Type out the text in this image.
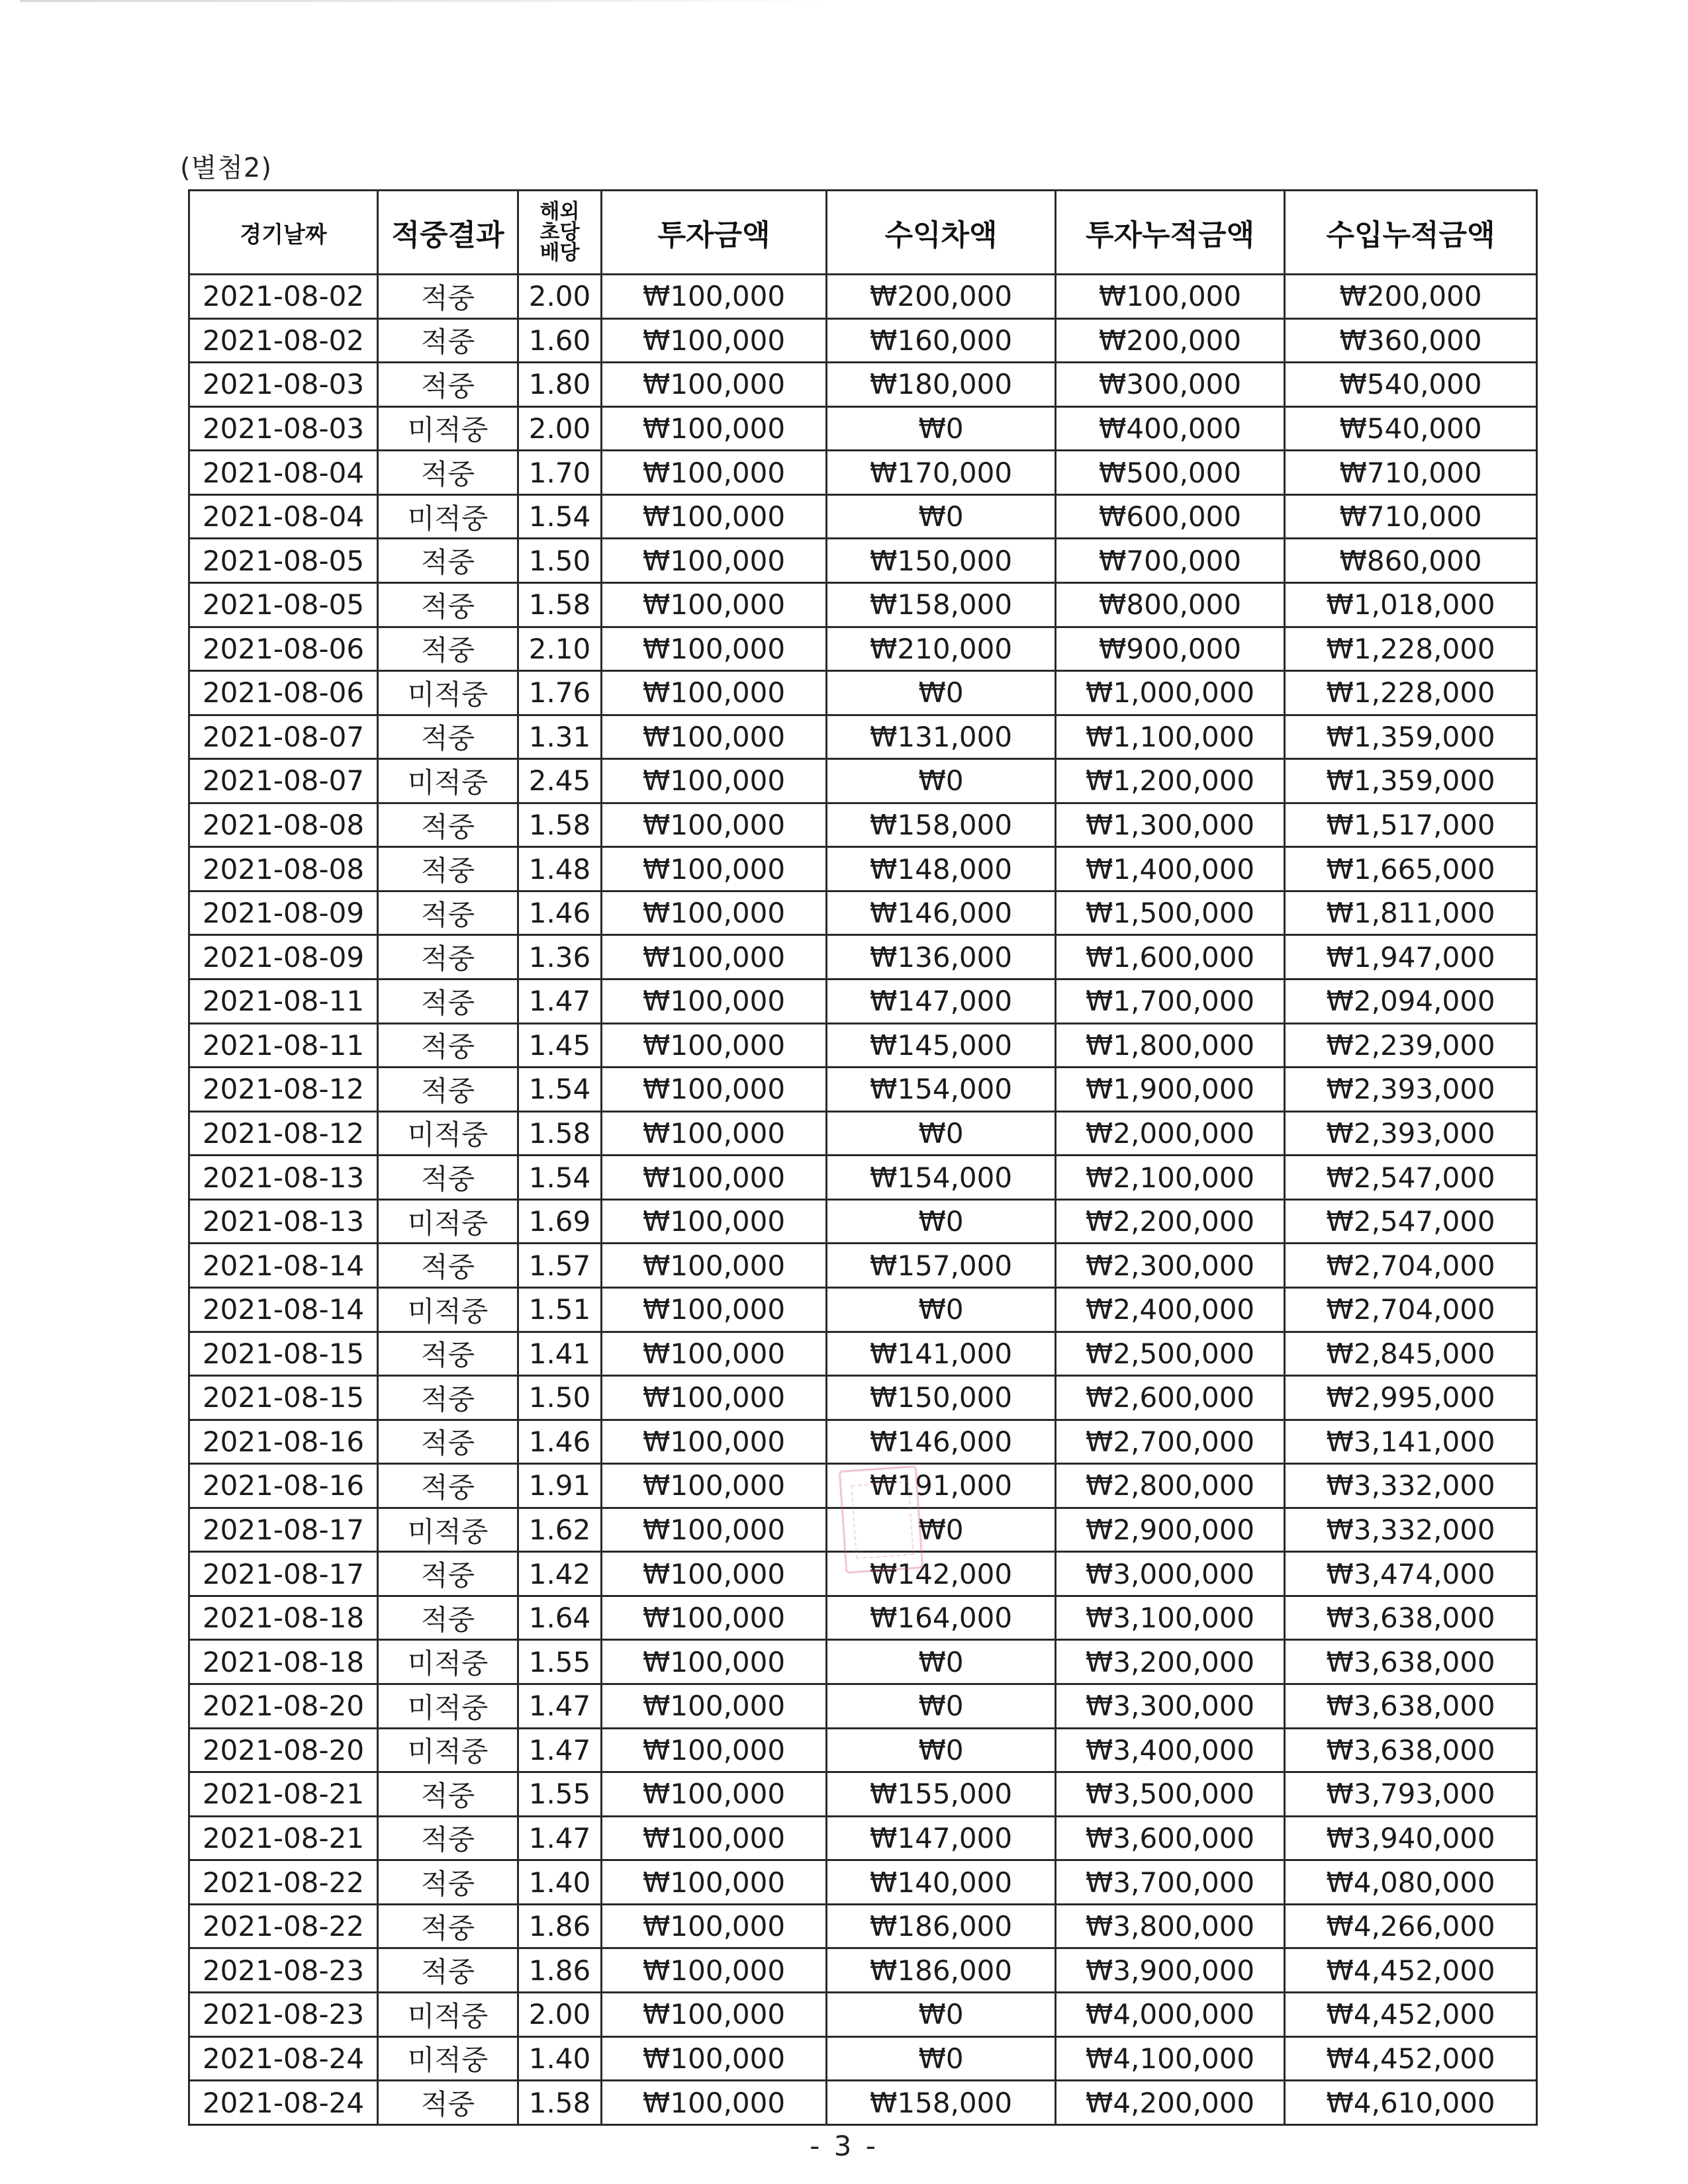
(별첨2)
경기날짜	적중결과	해외
초당
배당	투자금액	수익차액	투자누적금액	수입누적금액
2021-08-02	적중	2.00	₩100,000	₩200,000	₩100,000	₩200,000
2021-08-02	적중	1.60	₩100,000	₩160,000	₩200,000	₩360,000
2021-08-03	적중	1.80	₩100,000	₩180,000	₩300,000	₩540,000
2021-08-03	미적중	2.00	₩100,000	₩0	₩400,000	₩540,000
2021-08-04	적중	1.70	₩100,000	₩170,000	₩500,000	₩710,000
2021-08-04	미적중	1.54	₩100,000	₩0	₩600,000	₩710,000
2021-08-05	적중	1.50	₩100,000	₩150,000	₩700,000	₩860,000
2021-08-05	적중	1.58	₩100,000	₩158,000	₩800,000	₩1,018,000
2021-08-06	적중	2.10	₩100,000	₩210,000	₩900,000	₩1,228,000
2021-08-06	미적중	1.76	₩100,000	₩0	₩1,000,000	₩1,228,000
2021-08-07	적중	1.31	₩100,000	₩131,000	₩1,100,000	₩1,359,000
2021-08-07	미적중	2.45	₩100,000	₩0	₩1,200,000	₩1,359,000
2021-08-08	적중	1.58	₩100,000	₩158,000	₩1,300,000	₩1,517,000
2021-08-08	적중	1.48	₩100,000	₩148,000	₩1,400,000	₩1,665,000
2021-08-09	적중	1.46	₩100,000	₩146,000	₩1,500,000	₩1,811,000
2021-08-09	적중	1.36	₩100,000	₩136,000	₩1,600,000	₩1,947,000
2021-08-11	적중	1.47	₩100,000	₩147,000	₩1,700,000	₩2,094,000
2021-08-11	적중	1.45	₩100,000	₩145,000	₩1,800,000	₩2,239,000
2021-08-12	적중	1.54	₩100,000	₩154,000	₩1,900,000	₩2,393,000
2021-08-12	미적중	1.58	₩100,000	₩0	₩2,000,000	₩2,393,000
2021-08-13	적중	1.54	₩100,000	₩154,000	₩2,100,000	₩2,547,000
2021-08-13	미적중	1.69	₩100,000	₩0	₩2,200,000	₩2,547,000
2021-08-14	적중	1.57	₩100,000	₩157,000	₩2,300,000	₩2,704,000
2021-08-14	미적중	1.51	₩100,000	₩0	₩2,400,000	₩2,704,000
2021-08-15	적중	1.41	₩100,000	₩141,000	₩2,500,000	₩2,845,000
2021-08-15	적중	1.50	₩100,000	₩150,000	₩2,600,000	₩2,995,000
2021-08-16	적중	1.46	₩100,000	₩146,000	₩2,700,000	₩3,141,000
2021-08-16	적중	1.91	₩100,000	₩191,000	₩2,800,000	₩3,332,000
2021-08-17	미적중	1.62	₩100,000	₩0	₩2,900,000	₩3,332,000
2021-08-17	적중	1.42	₩100,000	₩142,000	₩3,000,000	₩3,474,000
2021-08-18	적중	1.64	₩100,000	₩164,000	₩3,100,000	₩3,638,000
2021-08-18	미적중	1.55	₩100,000	₩0	₩3,200,000	₩3,638,000
2021-08-20	미적중	1.47	₩100,000	₩0	₩3,300,000	₩3,638,000
2021-08-20	미적중	1.47	₩100,000	₩0	₩3,400,000	₩3,638,000
2021-08-21	적중	1.55	₩100,000	₩155,000	₩3,500,000	₩3,793,000
2021-08-21	적중	1.47	₩100,000	₩147,000	₩3,600,000	₩3,940,000
2021-08-22	적중	1.40	₩100,000	₩140,000	₩3,700,000	₩4,080,000
2021-08-22	적중	1.86	₩100,000	₩186,000	₩3,800,000	₩4,266,000
2021-08-23	적중	1.86	₩100,000	₩186,000	₩3,900,000	₩4,452,000
2021-08-23	미적중	2.00	₩100,000	₩0	₩4,000,000	₩4,452,000
2021-08-24	미적중	1.40	₩100,000	₩0	₩4,100,000	₩4,452,000
2021-08-24	적중	1.58	₩100,000	₩158,000	₩4,200,000	₩4,610,000
- 3 -
